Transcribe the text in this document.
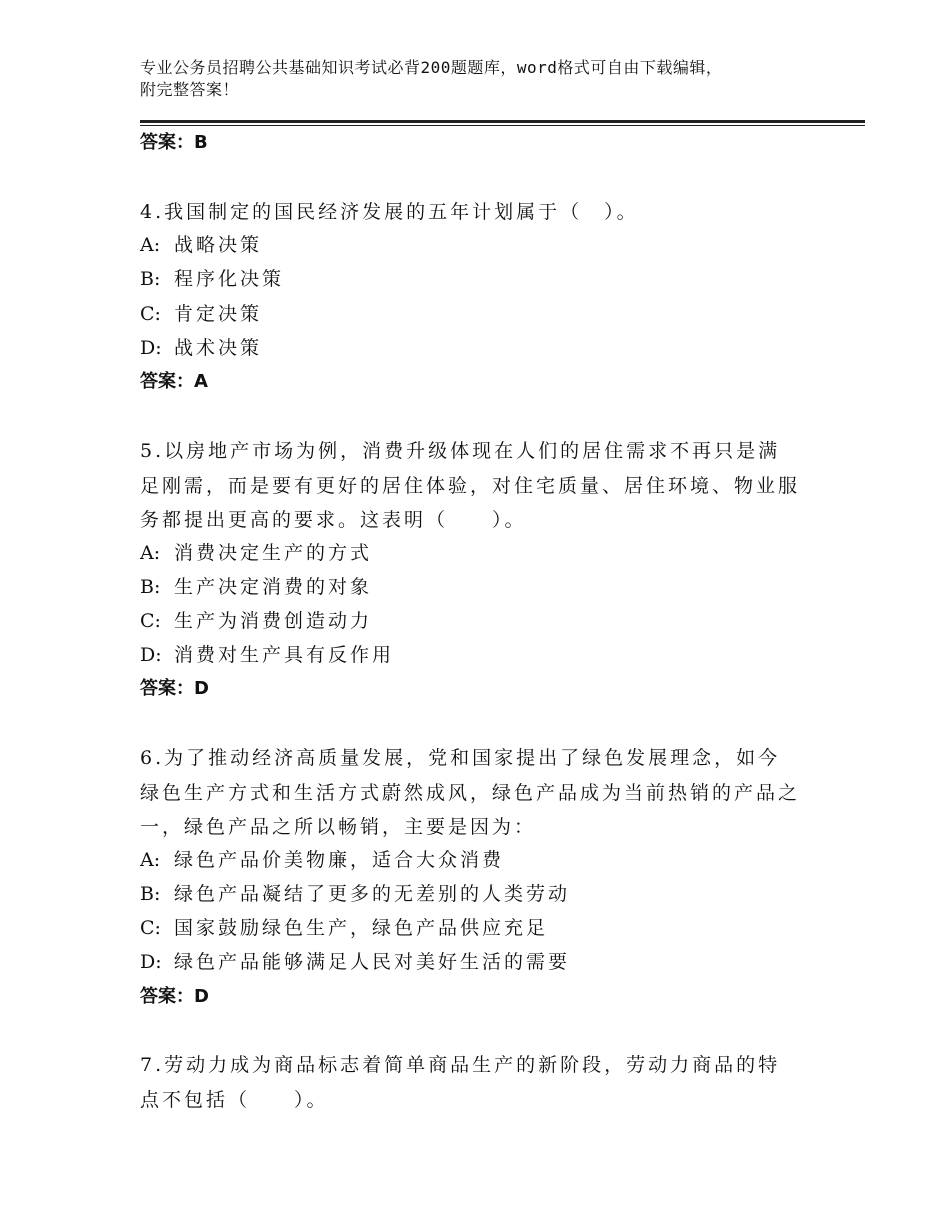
专业公务员招聘公共基础知识考试必背200题题库，word格式可自由下载编辑，
附完整答案！
答案：B
4.我国制定的国民经济发展的五年计划属于（　）。
A: 战略决策
B: 程序化决策
C: 肯定决策
D: 战术决策
答案：A
5.以房地产市场为例，消费升级体现在人们的居住需求不再只是满足刚需，而是要有更好的居住体验，对住宅质量、居住环境、物业服务都提出更高的要求。这表明（　　）。
A: 消费决定生产的方式
B: 生产决定消费的对象
C: 生产为消费创造动力
D: 消费对生产具有反作用
答案：D
6.为了推动经济高质量发展，党和国家提出了绿色发展理念，如今绿色生产方式和生活方式蔚然成风，绿色产品成为当前热销的产品之一，绿色产品之所以畅销，主要是因为：
A: 绿色产品价美物廉，适合大众消费
B: 绿色产品凝结了更多的无差别的人类劳动
C: 国家鼓励绿色生产，绿色产品供应充足
D: 绿色产品能够满足人民对美好生活的需要
答案：D
7.劳动力成为商品标志着简单商品生产的新阶段，劳动力商品的特点不包括（　　）。
